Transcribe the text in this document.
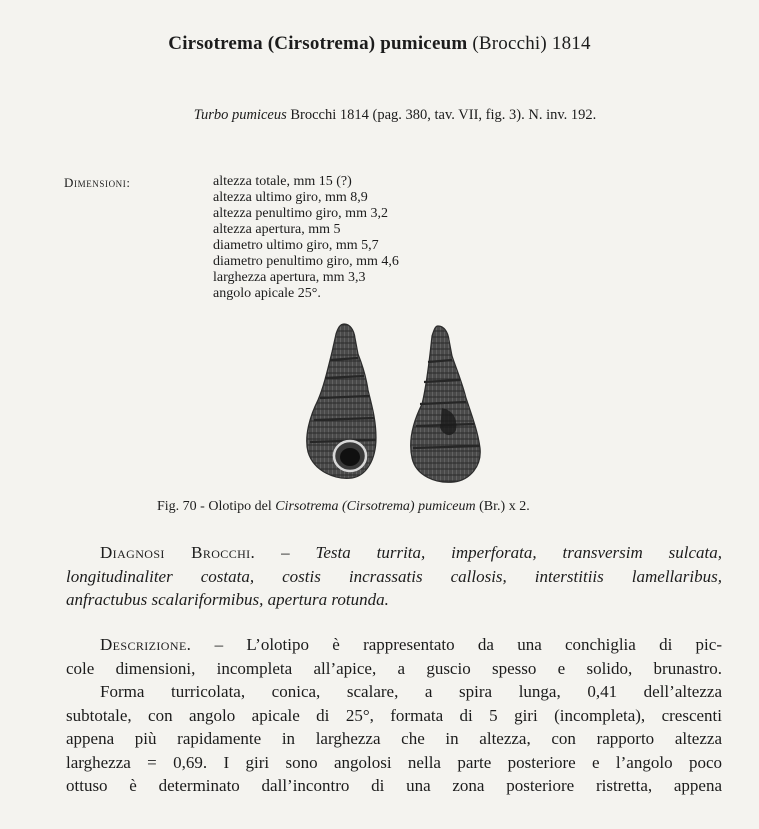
Cirsotrema (Cirsotrema) pumiceum (Brocchi) 1814
Turbo pumiceus Brocchi 1814 (pag. 380, tav. VII, fig. 3). N. inv. 192.
Dimensioni:	altezza totale, mm 15 (?)
altezza ultimo giro, mm 8,9
altezza penultimo giro, mm 3,2
altezza apertura, mm 5
diametro ultimo giro, mm 5,7
diametro penultimo giro, mm 4,6
larghezza apertura, mm 3,3
angolo apicale 25°.
Fig. 70 - Olotipo del Cirsotrema (Cirsotrema) pumiceum (Br.) x 2.
Diagnosi Brocchi. – Testa turrita, imperforata, transversim sulcata,
longitudinaliter costata, costis incrassatis callosis, interstitiis lamellaribus,
anfractubus scalariformibus, apertura rotunda.
Descrizione. – L’olotipo è rappresentato da una conchiglia di pic-
cole dimensioni, incompleta all’apice, a guscio spesso e solido, brunastro.
Forma turricolata, conica, scalare, a spira lunga, 0,41 dell’altezza
subtotale, con angolo apicale di 25°, formata di 5 giri (incompleta), crescenti
appena più rapidamente in larghezza che in altezza, con rapporto altezza
larghezza = 0,69. I giri sono angolosi nella parte posteriore e l’angolo poco
ottuso è determinato dall’incontro di una zona posteriore ristretta, appena
